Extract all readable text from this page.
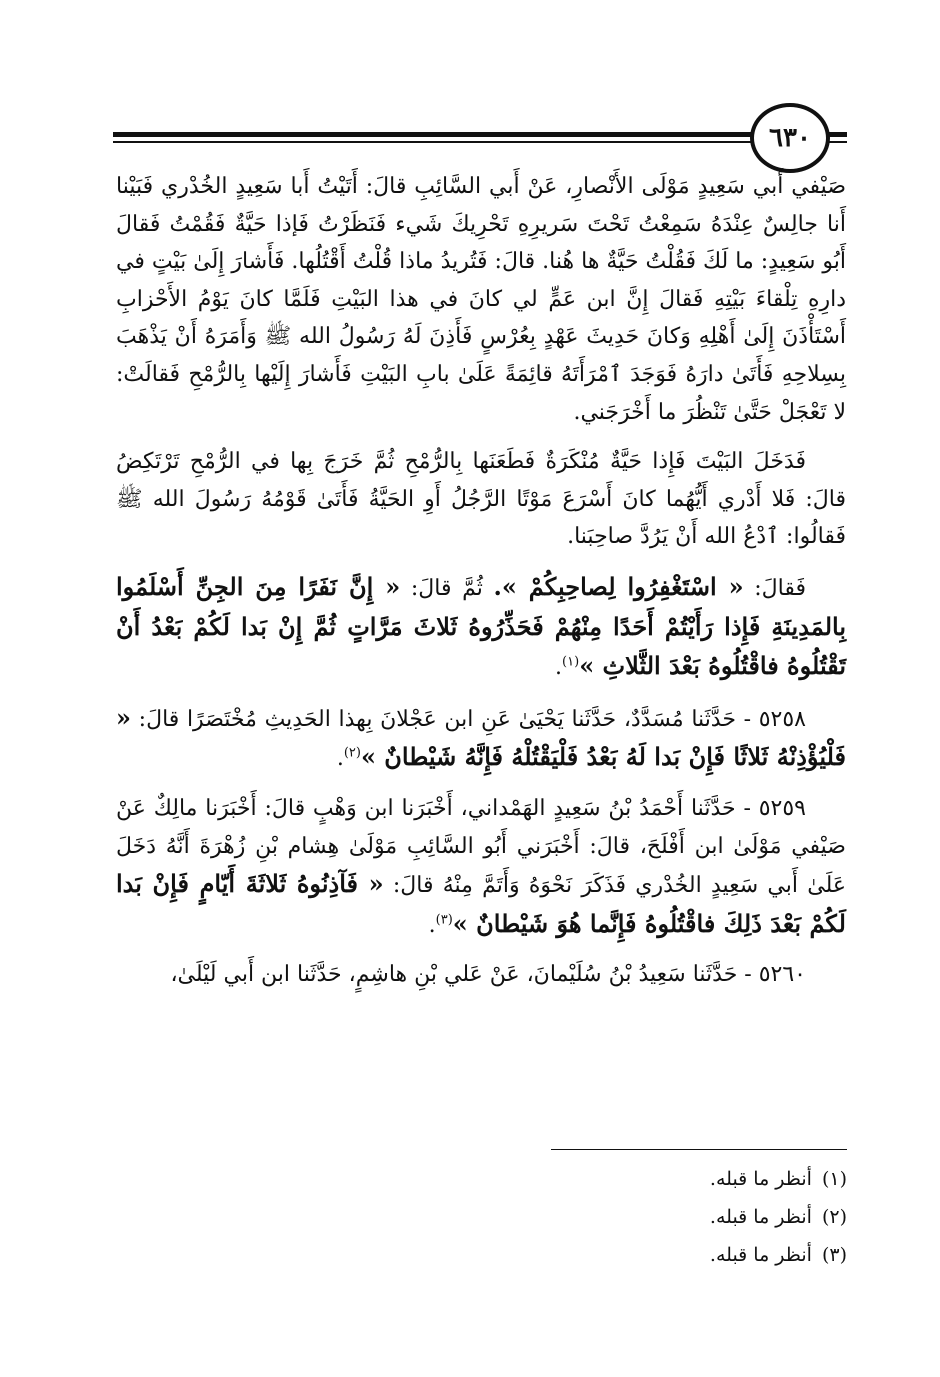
٦٣٠

صَيْفي أَبي سَعِيدٍ مَوْلَى الأَنْصارِ، عَنْ أَبي السَّائِبِ قالَ: أَتَيْتُ أَبا سَعِيدٍ الخُدْري فَبَيْنا أَنا جالِسٌ عِنْدَهُ سَمِعْتُ تَحْتَ سَريرِهِ تَحْرِيكَ شَيء فَنَظَرْتُ فَإذا حَيَّةٌ فَقُمْتُ فَقالَ أَبُو سَعِيدٍ: ما لَكَ فَقُلْتُ حَيَّةٌ ها هُنا. قالَ: فَتُريدُ ماذا قُلْتُ أَقْتُلُها. فَأَشارَ إِلَىٰ بَيْتٍ في دارِهِ تِلْقاءَ بَيْتِهِ فَقالَ إِنَّ ابن عَمٍّ لي كانَ في هذا البَيْتِ فَلَمَّا كانَ يَوْمُ الأَحْزابِ أَسْتَأْذَنَ إِلَىٰ أَهْلِهِ وَكانَ حَدِيثَ عَهْدٍ بِعُرْسٍ فَأَذِنَ لَهُ رَسُولُ الله ﷺ وَأَمَرَهُ أَنْ يَذْهَبَ بِسِلاحِهِ فَأَتَىٰ دارَهُ فَوَجَدَ ٱمْرَأَتَهُ قائِمَةً عَلَىٰ بابِ البَيْتِ فَأَشارَ إِلَيْها بِالرُّمْحِ فَقالَتْ: لا تَعْجَلْ حَتَّىٰ تَنْظُرَ ما أَخْرَجَني.

فَدَخَلَ البَيْتَ فَإِذا حَيَّةٌ مُنْكَرَةٌ فَطَعَنَها بِالرُّمْحِ ثُمَّ خَرَجَ بِها في الرُّمْحِ تَرْتَكِضُ قالَ: فَلا أَدْري أَيُّهُما كانَ أَسْرَعَ مَوْتًا الرَّجُلُ أَوِ الحَيَّةُ فَأَتَىٰ قَوْمُهُ رَسُولَ الله ﷺ فَقالُوا: ٱدْعُ الله أَنْ يَرُدَّ صاحِبَنا.

فَقالَ: « اسْتَغْفِرُوا لِصاحِبِكُمْ ». ثُمَّ قالَ: « إِنَّ نَفَرًا مِنَ الجِنِّ أَسْلَمُوا بِالمَدِينَةِ فَإِذا رَأَيْتُمْ أَحَدًا مِنْهُمْ فَحَذِّرُوهُ ثَلاثَ مَرَّاتٍ ثُمَّ إِنْ بَدا لَكُمْ بَعْدُ أَنْ تَقْتُلُوهُ فاقْتُلُوهُ بَعْدَ الثَّلاثِ »$^{(١)}$.

٥٢٥٨ - حَدَّثَنا مُسَدَّدٌ، حَدَّثَنا يَحْيَىٰ عَنِ ابن عَجْلانَ بِهذا الحَدِيثِ مُخْتَصَرًا قالَ: « فَلْيُؤْذِنْهُ ثَلاثًا فَإِنْ بَدا لَهُ بَعْدُ فَلْيَقْتُلْهُ فَإِنَّهُ شَيْطانٌ »$^{(٢)}$.

٥٢٥٩ - حَدَّثَنا أَحْمَدُ بْنُ سَعِيدٍ الهَمْداني، أَخْبَرَنا ابن وَهْبٍ قالَ: أَخْبَرَنا مالِكٌ عَنْ صَيْفي مَوْلَىٰ ابن أَفْلَحَ، قالَ: أَخْبَرَني أَبُو السَّائِبِ مَوْلَىٰ هِشام بْنِ زُهْرَةَ أَنَّهُ دَخَلَ عَلَىٰ أَبي سَعِيدٍ الخُدْري فَذَكَرَ نَحْوَهُ وَأَتَمَّ مِنْهُ قالَ: « فَآذِنُوهُ ثَلاثَةَ أَيّامٍ فَإِنْ بَدا لَكُمْ بَعْدَ ذَلِكَ فاقْتُلُوهُ فَإِنَّما هُوَ شَيْطانٌ »$^{(٣)}$.

٥٢٦٠ - حَدَّثَنا سَعِيدُ بْنُ سُلَيْمانَ، عَنْ عَلي بْنِ هاشِمٍ، حَدَّثَنا ابن أَبي لَيْلَىٰ،

(١)
أنظر ما قبله.
(٢)
أنظر ما قبله.
(٣)
أنظر ما قبله.
